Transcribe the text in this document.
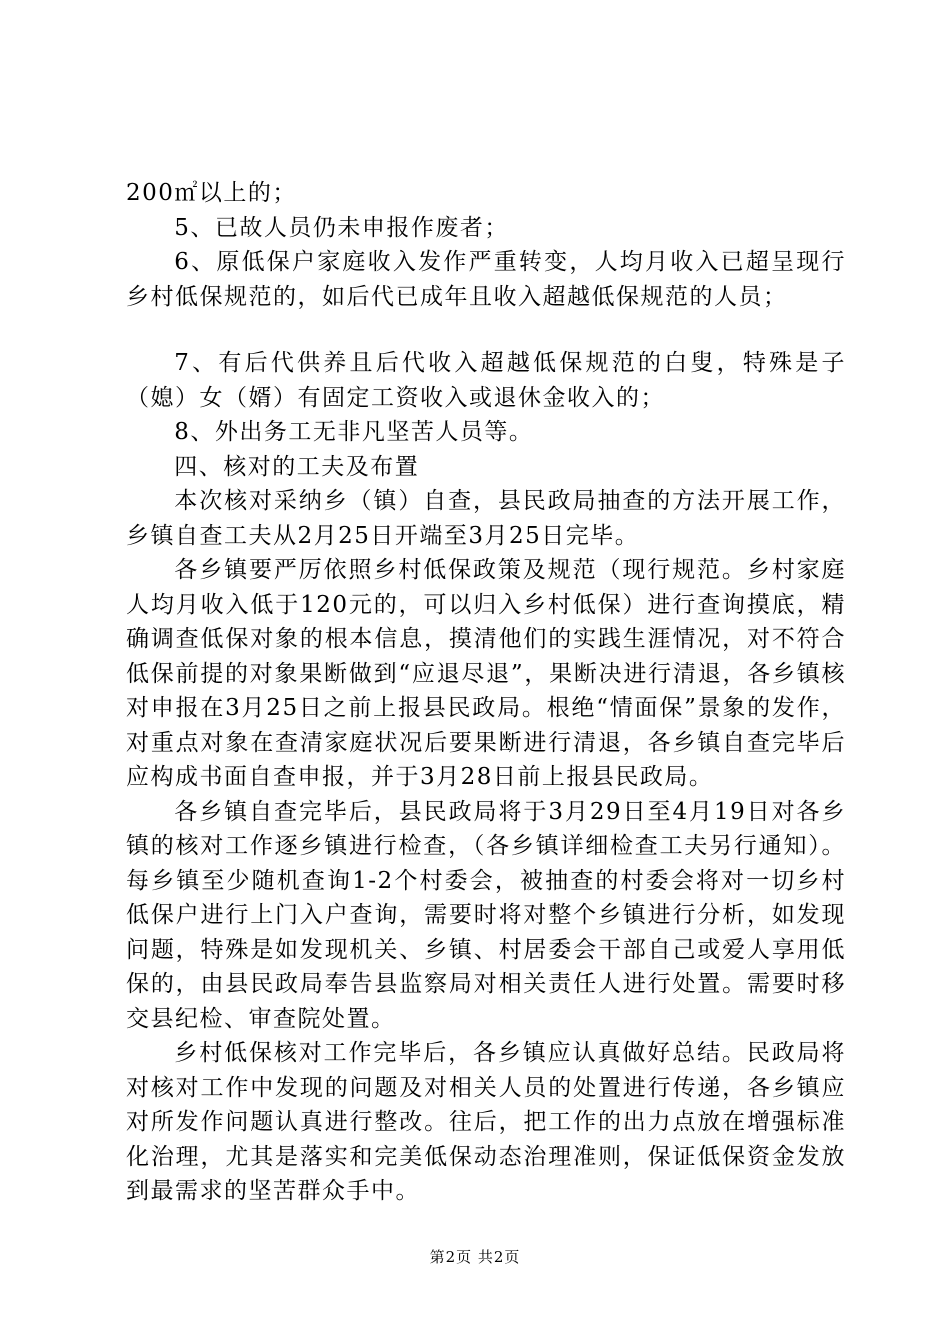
200㎡以上的；

5、已故人员仍未申报作废者；

6、原低保户家庭收入发作严重转变，人均月收入已超呈现行乡村低保规范的，如后代已成年且收入超越低保规范的人员；

7、有后代供养且后代收入超越低保规范的白叟，特殊是子（媳）女（婿）有固定工资收入或退休金收入的；

8、外出务工无非凡坚苦人员等。

四、核对的工夫及布置

本次核对采纳乡（镇）自查，县民政局抽查的方法开展工作，乡镇自查工夫从2月25日开端至3月25日完毕。

各乡镇要严厉依照乡村低保政策及规范（现行规范。乡村家庭人均月收入低于120元的，可以归入乡村低保）进行查询摸底，精确调查低保对象的根本信息，摸清他们的实践生涯情况，对不符合低保前提的对象果断做到“应退尽退”，果断决进行清退，各乡镇核对申报在3月25日之前上报县民政局。根绝“情面保”景象的发作，对重点对象在查清家庭状况后要果断进行清退，各乡镇自查完毕后应构成书面自查申报，并于3月28日前上报县民政局。

各乡镇自查完毕后，县民政局将于3月29日至4月19日对各乡镇的核对工作逐乡镇进行检查，（各乡镇详细检查工夫另行通知）。每乡镇至少随机查询1-2个村委会，被抽查的村委会将对一切乡村低保户进行上门入户查询，需要时将对整个乡镇进行分析，如发现问题，特殊是如发现机关、乡镇、村居委会干部自己或爱人享用低保的，由县民政局奉告县监察局对相关责任人进行处置。需要时移交县纪检、审查院处置。

乡村低保核对工作完毕后，各乡镇应认真做好总结。民政局将对核对工作中发现的问题及对相关人员的处置进行传递，各乡镇应对所发作问题认真进行整改。往后，把工作的出力点放在增强标准化治理，尤其是落实和完美低保动态治理准则，保证低保资金发放到最需求的坚苦群众手中。

第2页 共2页
